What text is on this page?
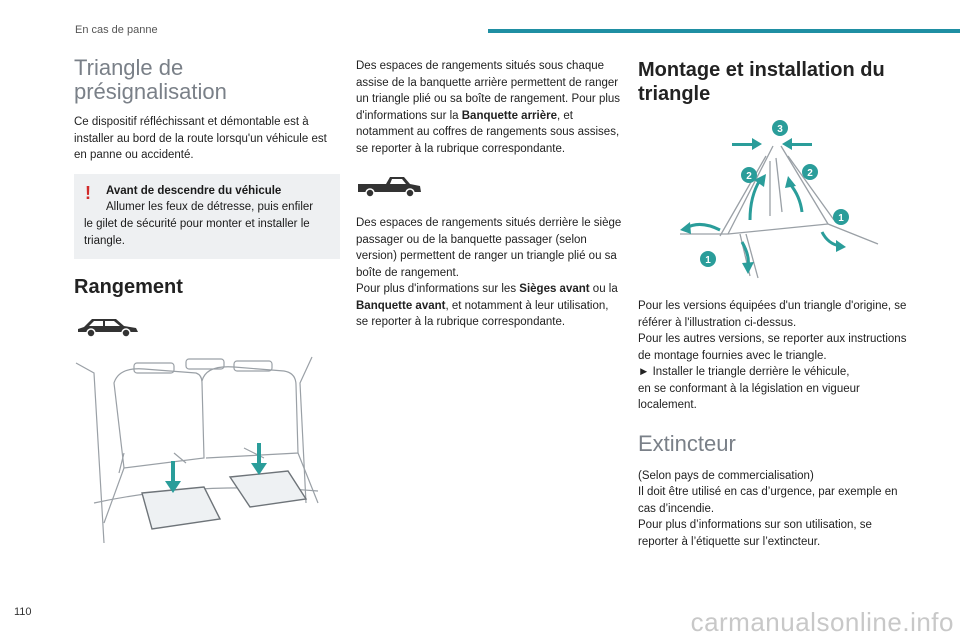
En cas de panne
Triangle de présignalisation

Ce dispositif réfléchissant et démontable est à installer au bord de la route lorsqu'un véhicule est en panne ou accidenté.

!	Avant de descendre du véhicule
Allumer les feux de détresse, puis enfiler
le gilet de sécurité pour monter et installer le triangle.
Rangement

Des espaces de rangements situés sous chaque assise de la banquette arrière permettent de ranger un triangle plié ou sa boîte de rangement. Pour plus d'informations sur la Banquette arrière, et notamment au coffres de rangements sous assises, se reporter à la rubrique correspondante.

Des espaces de rangements situés derrière le siège passager ou de la banquette passager (selon version) permettent de ranger un triangle plié ou sa boîte de rangement.

Pour plus d'informations sur les Sièges avant ou la Banquette avant, et notamment à leur utilisation, se reporter à la rubrique correspondante.

Montage et installation du triangle
3
2	2
1
1

Pour les versions équipées d'un triangle d'origine, se référer à l'illustration ci-dessus.

Pour les autres versions, se reporter aux instructions de montage fournies avec le triangle.

► Installer le triangle derrière le véhicule,

en se conformant à la législation en vigueur localement.

Extincteur

(Selon pays de commercialisation)

Il doit être utilisé en cas d’urgence, par exemple en cas d’incendie.

Pour plus d’informations sur son utilisation, se reporter à l’étiquette sur l’extincteur.

110	carmanualsonline.info
